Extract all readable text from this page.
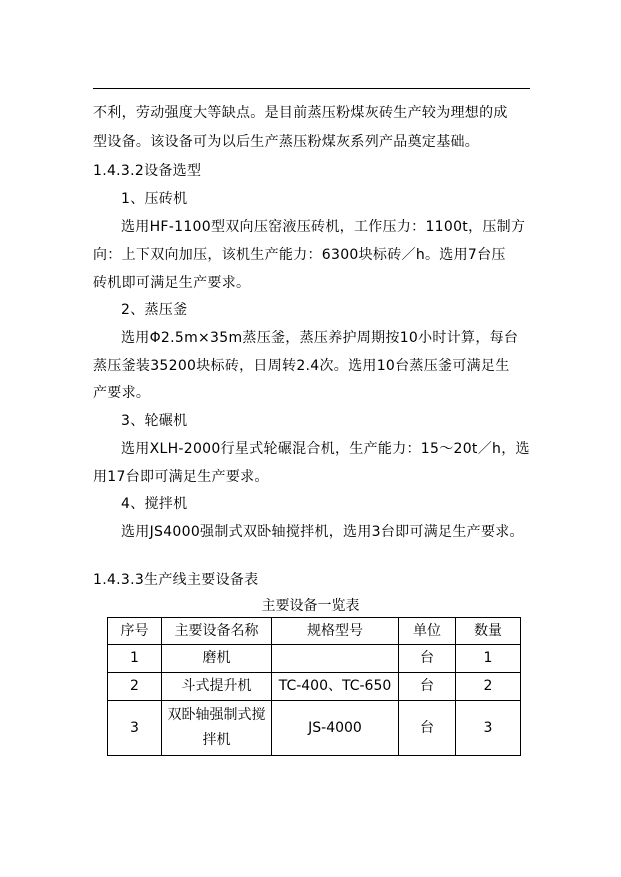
不利，劳动强度大等缺点。是目前蒸压粉煤灰砖生产较为理想的成
型设备。该设备可为以后生产蒸压粉煤灰系列产品奠定基础。
1.4.3.2设备选型
1、压砖机
选用HF-1100型双向压窑液压砖机，工作压力：1100t，压制方
向：上下双向加压，该机生产能力：6300块标砖／h。选用7台压
砖机即可满足生产要求。
2、蒸压釜
选用Φ2.5m×35m蒸压釜，蒸压养护周期按10小时计算，每台
蒸压釜装35200块标砖，日周转2.4次。选用10台蒸压釜可满足生
产要求。
3、轮碾机
选用XLH-2000行星式轮碾混合机，生产能力：15～20t／h，选
用17台即可满足生产要求。
4、搅拌机
选用JS4000强制式双卧轴搅拌机，选用3台即可满足生产要求。
1.4.3.3生产线主要设备表
主要设备一览表
序号	主要设备名称	规格型号	单位	数量
1	磨机		台	1
2	斗式提升机	TC-400、TC-650	台	2
3	双卧轴强制式搅拌机	JS-4000	台	3
